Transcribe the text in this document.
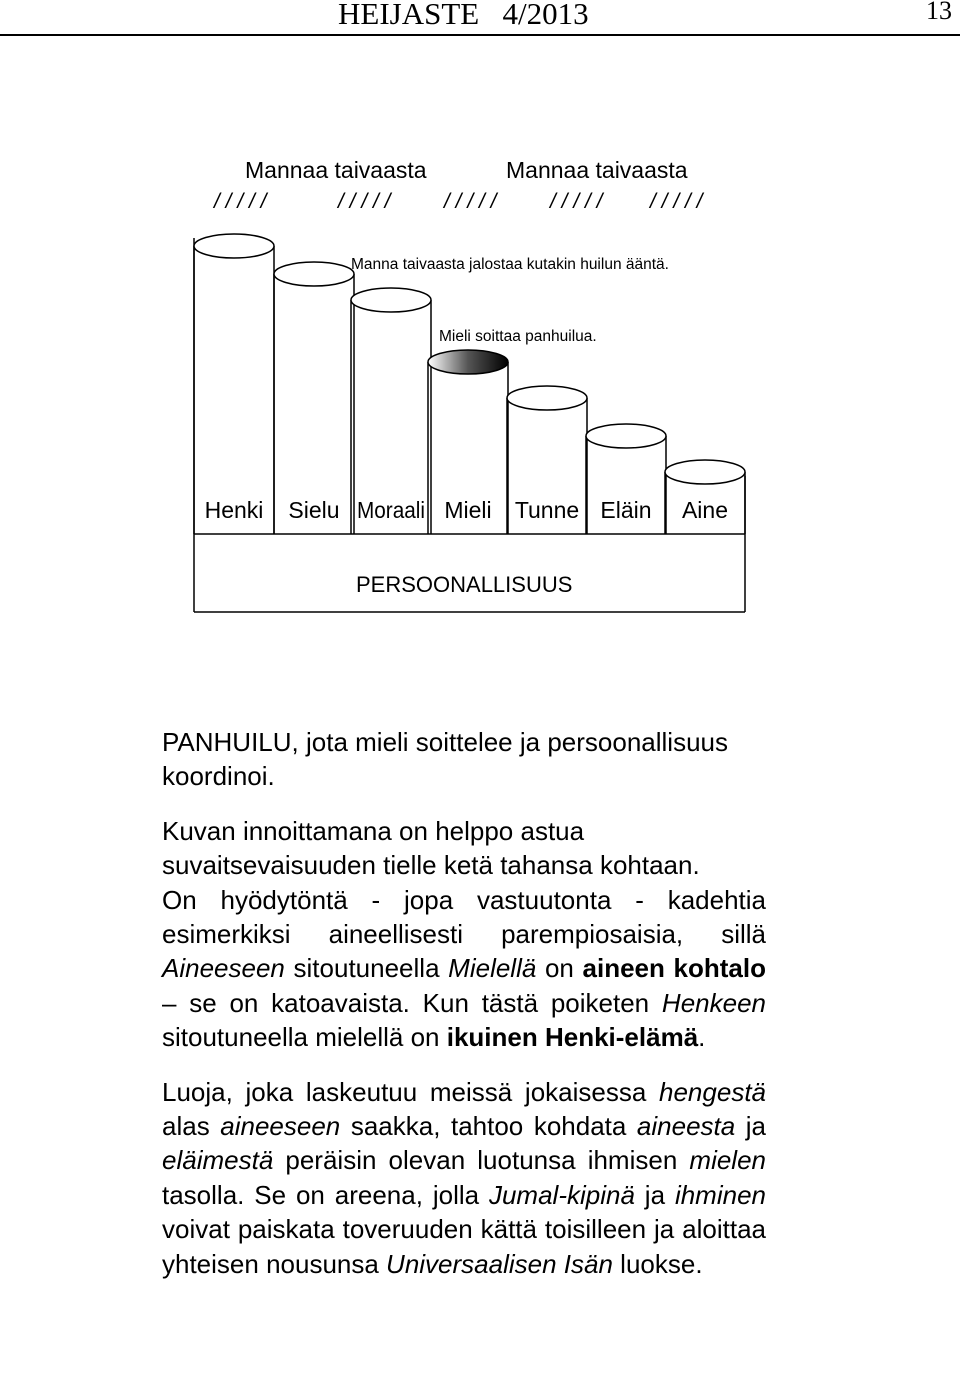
HEIJASTE 4/2013	13
Mannaa taivaasta	Mannaa taivaasta
/ / / / /	/ / / / /	/ / / / /	/ / / / / / / / / /
Manna taivaasta jalostaa kutakin huilun ääntä.
Mieli soittaa panhuilua.
Henki Sielu Moraali Mieli Tunne Eläin Aine
PERSOONALLISUUS

PANHUILU, jota mieli soittelee ja persoonallisuus koordinoi.

Kuvan innoittamana on helppo astua suvaitsevaisuuden tielle ketä tahansa kohtaan.

On hyödytöntä - jopa vastuutonta - kadehtia esimerkiksi aineellisesti parempiosaisia, sillä Aineeseen sitoutuneella Mielellä on aineen kohtalo – se on katoavaista. Kun tästä poiketen Henkeen sitoutuneella mielellä on ikuinen Henki-elämä.

Luoja, joka laskeutuu meissä jokaisessa hengestä alas aineeseen saakka, tahtoo kohdata aineesta ja eläimestä peräisin olevan luotunsa ihmisen mielen tasolla. Se on areena, jolla Jumal-kipinä ja ihminen voivat paiskata toveruuden kättä toisilleen ja aloittaa yhteisen nousunsa Universaalisen Isän luokse.
